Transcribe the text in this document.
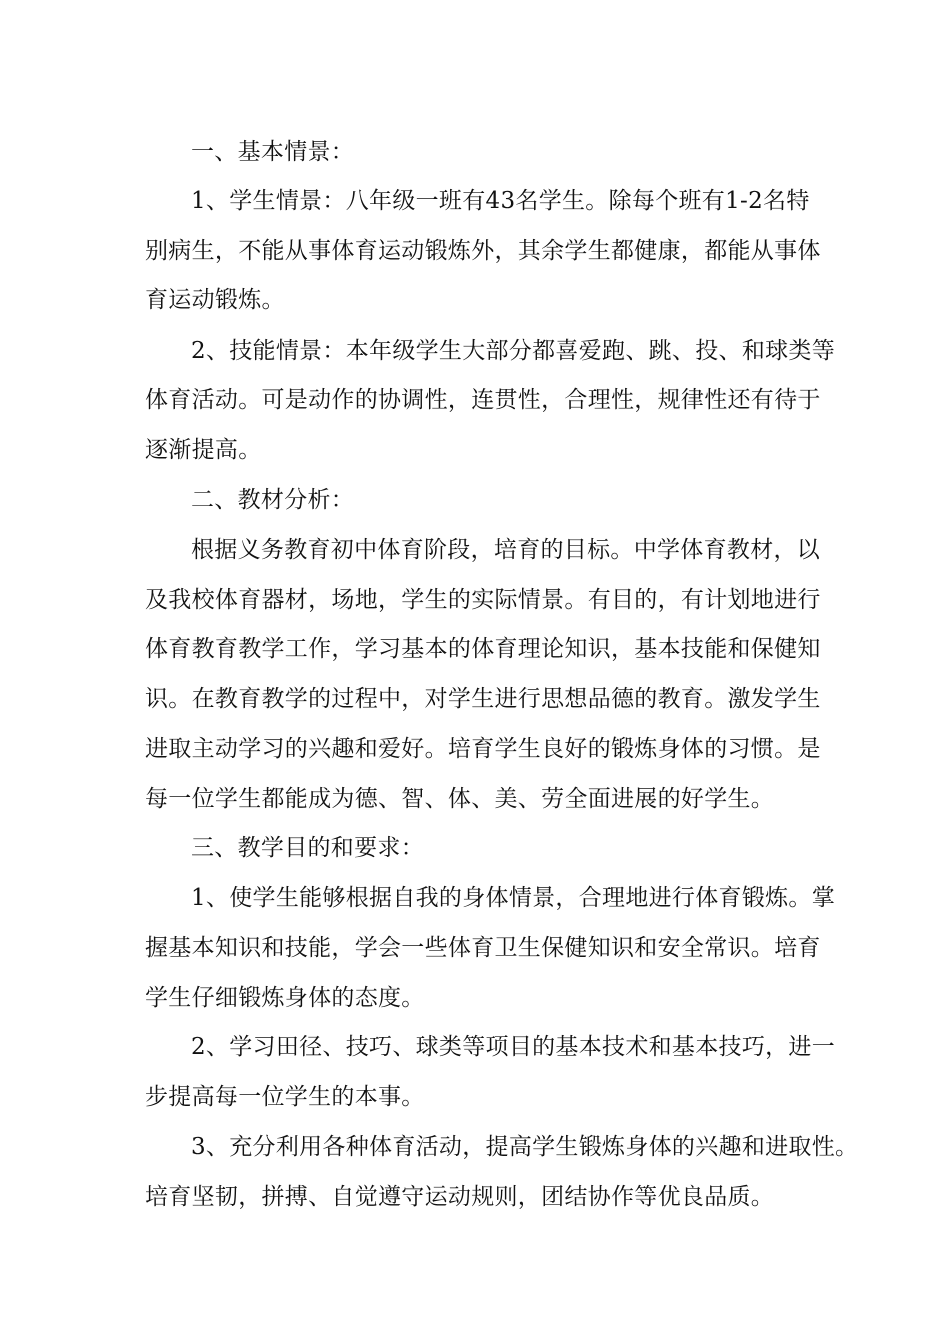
一、基本情景：
1、学生情景：八年级一班有43名学生。除每个班有1-2名特
别病生，不能从事体育运动锻炼外，其余学生都健康，都能从事体
育运动锻炼。
2、技能情景：本年级学生大部分都喜爱跑、跳、投、和球类等
体育活动。可是动作的协调性，连贯性，合理性，规律性还有待于
逐渐提高。
二、教材分析：
根据义务教育初中体育阶段，培育的目标。中学体育教材，以
及我校体育器材，场地，学生的实际情景。有目的，有计划地进行
体育教育教学工作，学习基本的体育理论知识，基本技能和保健知
识。在教育教学的过程中，对学生进行思想品德的教育。激发学生
进取主动学习的兴趣和爱好。培育学生良好的锻炼身体的习惯。是
每一位学生都能成为德、智、体、美、劳全面进展的好学生。
三、教学目的和要求：
1、使学生能够根据自我的身体情景，合理地进行体育锻炼。掌
握基本知识和技能，学会一些体育卫生保健知识和安全常识。培育
学生仔细锻炼身体的态度。
2、学习田径、技巧、球类等项目的基本技术和基本技巧，进一
步提高每一位学生的本事。
3、充分利用各种体育活动，提高学生锻炼身体的兴趣和进取性。
培育坚韧，拼搏、自觉遵守运动规则，团结协作等优良品质。
